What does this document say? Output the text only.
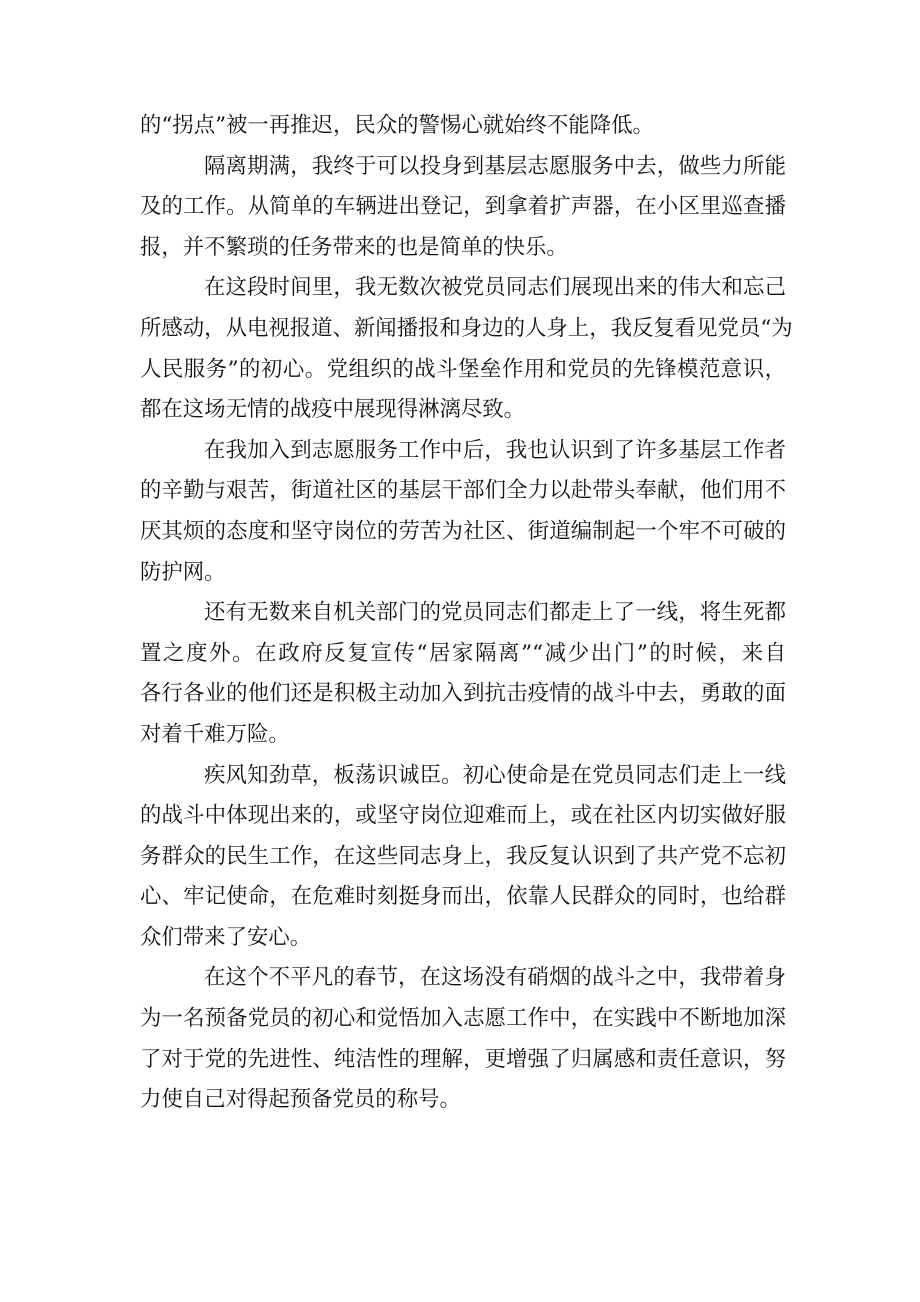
的“拐点”被一再推迟，民众的警惕心就始终不能降低。
隔离期满，我终于可以投身到基层志愿服务中去，做些力所能
及的工作。从简单的车辆进出登记，到拿着扩声器，在小区里巡查播
报，并不繁琐的任务带来的也是简单的快乐。
在这段时间里，我无数次被党员同志们展现出来的伟大和忘己
所感动，从电视报道、新闻播报和身边的人身上，我反复看见党员“为
人民服务”的初心。党组织的战斗堡垒作用和党员的先锋模范意识，
都在这场无情的战疫中展现得淋漓尽致。
在我加入到志愿服务工作中后，我也认识到了许多基层工作者
的辛勤与艰苦，街道社区的基层干部们全力以赴带头奉献，他们用不
厌其烦的态度和坚守岗位的劳苦为社区、街道编制起一个牢不可破的
防护网。
还有无数来自机关部门的党员同志们都走上了一线，将生死都
置之度外。在政府反复宣传“居家隔离”“减少出门”的时候，来自
各行各业的他们还是积极主动加入到抗击疫情的战斗中去，勇敢的面
对着千难万险。
疾风知劲草，板荡识诚臣。初心使命是在党员同志们走上一线
的战斗中体现出来的，或坚守岗位迎难而上，或在社区内切实做好服
务群众的民生工作，在这些同志身上，我反复认识到了共产党不忘初
心、牢记使命，在危难时刻挺身而出，依靠人民群众的同时，也给群
众们带来了安心。
在这个不平凡的春节，在这场没有硝烟的战斗之中，我带着身
为一名预备党员的初心和觉悟加入志愿工作中，在实践中不断地加深
了对于党的先进性、纯洁性的理解，更增强了归属感和责任意识，努
力使自己对得起预备党员的称号。
